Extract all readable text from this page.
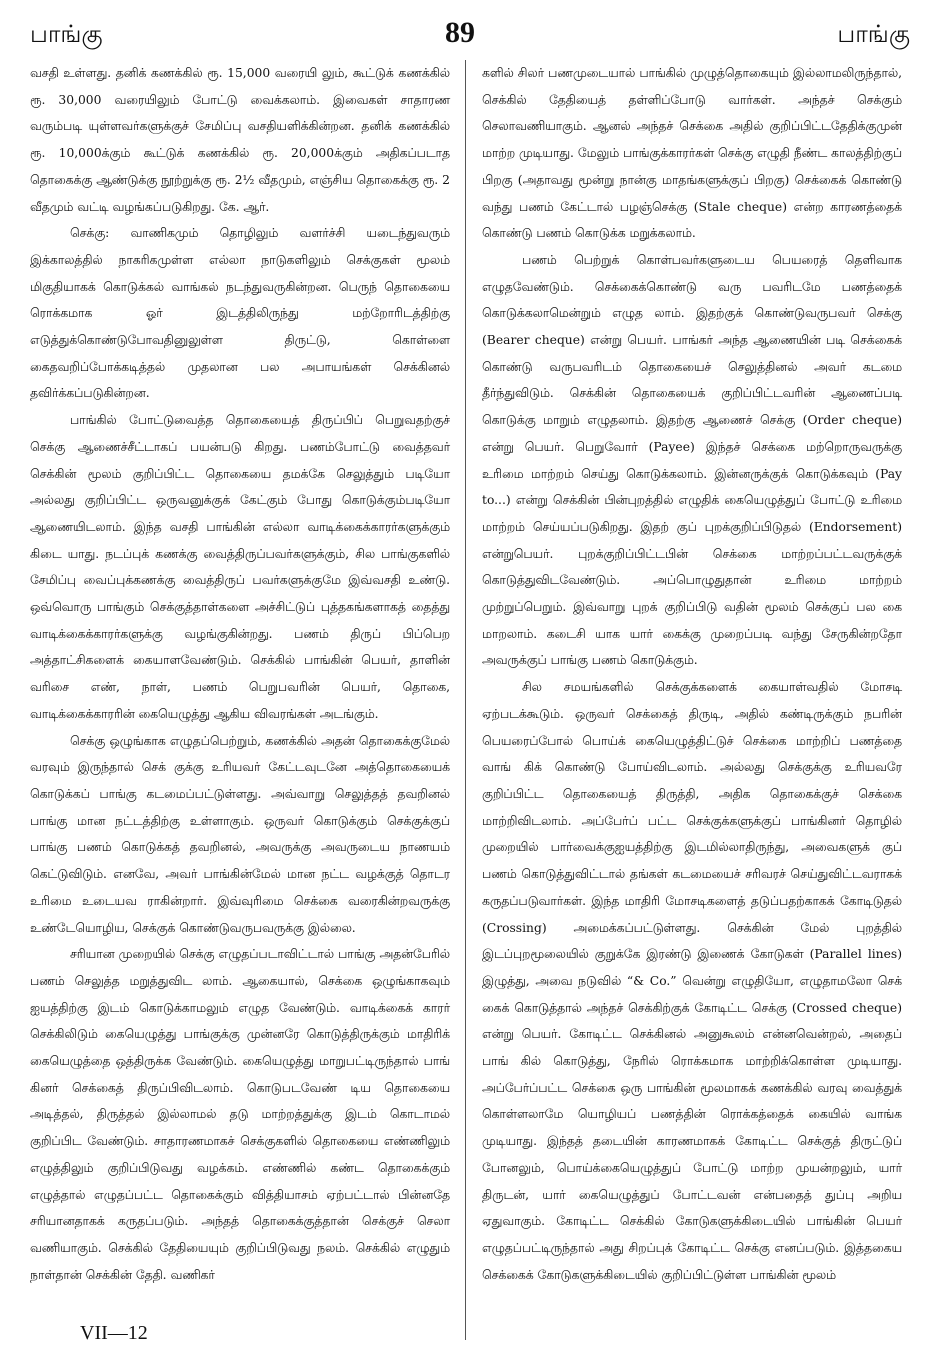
பாங்கு	89	பாங்கு

வசதி உள்ளது. தனிக் கணக்கில் ரூ. 15,000 வரையி லும், கூட்டுக் கணக்கில் ரூ. 30,000 வரையிலும் போட்டு வைக்கலாம். இவைகள் சாதாரண வரும்படி யுள்ளவர்களுக்குச் சேமிப்பு வசதியளிக்கின்றன. தனிக் கணக்கில் ரூ. 10,000க்கும் கூட்டுக் கணக்கில் ரூ. 20,000க்கும் அதிகப்படாத தொகைக்கு ஆண்டுக்கு நூற்றுக்கு ரூ. 2½ வீதமும், எஞ்சிய தொகைக்கு ரூ. 2 வீதமும் வட்டி வழங்கப்படுகிறது. கே. ஆர்.

செக்கு: வாணிகமும் தொழிலும் வளர்ச்சி யடைந்துவரும் இக்காலத்தில் நாகரிகமுள்ள எல்லா நாடுகளிலும் செக்குகள் மூலம் மிகுதியாகக் கொடுக்கல் வாங்கல் நடந்துவருகின்றன. பெருந் தொகையை ரொக்கமாக ஓர் இடத்திலிருந்து மற்றோரிடத்திற்கு எடுத்துக்கொண்டுபோவதினுலுள்ள திருட்டு, கொள்ளை கைதவறிப்போக்கடித்தல் முதலான பல அபாயங்கள் செக்கினல் தவிர்க்கப்படுகின்றன.

பாங்கில் போட்டுவைத்த தொகையைத் திருப்பிப் பெறுவதற்குச் செக்கு ஆணைச்சீட்டாகப் பயன்படு கிறது. பணம்போட்டு வைத்தவர் செக்கின் மூலம் குறிப்பிட்ட தொகையை தமக்கே செலுத்தும் படியோ அல்லது குறிப்பிட்ட ஒருவனுக்குக் கேட்கும் போது கொடுக்கும்படியோ ஆணையிடலாம். இந்த வசதி பாங்கின் எல்லா வாடிக்கைக்காரர்களுக்கும் கிடை யாது. நடப்புக் கணக்கு வைத்திருப்பவர்களுக்கும், சில பாங்குகளில் சேமிப்பு வைப்புக்கணக்கு வைத்திருப் பவர்களுக்குமே இவ்வசதி உண்டு. ஒவ்வொரு பாங்கும் செக்குத்தாள்களை அச்சிட்டுப் புத்தகங்களாகத் தைத்து வாடிக்கைக்காரர்களுக்கு வழங்குகின்றது. பணம் திருப் பிப்பெற அத்தாட்சிகளைக் கையாளவேண்டும். செக்கில் பாங்கின் பெயர், தாளின் வரிசை எண், நாள், பணம் பெறுபவரின் பெயர், தொகை, வாடிக்கைக்காரரின் கையெழுத்து ஆகிய விவரங்கள் அடங்கும்.

செக்கு ஒழுங்காக எழுதப்பெற்றும், கணக்கில் அதன் தொகைக்குமேல் வரவும் இருந்தால் செக் குக்கு உரியவர் கேட்டவுடனே அத்தொகையைக் கொடுக்கப் பாங்கு கடமைப்பட்டுள்ளது. அவ்வாறு செலுத்தத் தவறினல் பாங்கு மான நட்டத்திற்கு உள்ளாகும். ஒருவர் கொடுக்கும் செக்குக்குப் பாங்கு பணம் கொடுக்கத் தவறினல், அவருக்கு அவருடைய நாணயம் கெட்டுவிடும். எனவே, அவர் பாங்கின்மேல் மான நட்ட வழக்குத் தொடர உரிமை உடையவ ராகின்றார். இவ்வுரிமை செக்கை வரைகின்றவருக்கு உண்டேயொழிய, செக்குக் கொண்டுவருபவருக்கு இல்லை.

சரியான முறையில் செக்கு எழுதப்படாவிட்டால் பாங்கு அதன்பேரில் பணம் செலுத்த மறுத்துவிட லாம். ஆகையால், செக்கை ஒழுங்காகவும் ஐயத்திற்கு இடம் கொடுக்காமலும் எழுத வேண்டும். வாடிக்கைக் காரர் செக்கிலிடும் கையெழுத்து பாங்குக்கு முன்னரே கொடுத்திருக்கும் மாதிரிக் கையெழுத்தை ஒத்திருக்க வேண்டும். கையெழுத்து மாறுபட்டிருந்தால் பாங் கினர் செக்கைத் திருப்பிவிடலாம். கொடுபடவேண் டிய தொகையை அடித்தல், திருத்தல் இல்லாமல் தடு மாற்றத்துக்கு இடம் கொடாமல் குறிப்பிட வேண்டும். சாதாரணமாகச் செக்குகளில் தொகையை எண்ணிலும் எழுத்திலும் குறிப்பிடுவது வழக்கம். எண்ணில் கண்ட தொகைக்கும் எழுத்தால் எழுதப்பட்ட தொகைக்கும் வித்தியாசம் ஏற்பட்டால் பின்னதே சரியானதாகக் கருதப்படும். அந்தத் தொகைக்குத்தான் செக்குச் செலா வணியாகும். செக்கில் தேதியையும் குறிப்பிடுவது நலம். செக்கில் எழுதும் நாள்தான் செக்கின் தேதி. வணிகர்

களில் சிலர் பணமுடையால் பாங்கில் முழுத்தொகையும் இல்லாமலிருந்தால், செக்கில் தேதியைத் தள்ளிப்போடு வார்கள். அந்தச் செக்கும் செலாவணியாகும். ஆனல் அந்தச் செக்கை அதில் குறிப்பிட்டதேதிக்குமுன் மாற்ற முடியாது. மேலும் பாங்குக்காரர்கள் செக்கு எழுதி நீண்ட காலத்திற்குப் பிறகு (அதாவது மூன்று நான்கு மாதங்களுக்குப் பிறகு) செக்கைக் கொண்டு வந்து பணம் கேட்டால் பழஞ்செக்கு (Stale cheque) என்ற காரணத்தைக் கொண்டு பணம் கொடுக்க மறுக்கலாம்.

பணம் பெற்றுக் கொள்பவர்களுடைய பெயரைத் தெளிவாக எழுதவேண்டும். செக்கைக்கொண்டு வரு பவரிடமே பணத்தைக் கொடுக்கலாமென்றும் எழுத லாம். இதற்குக் கொண்டுவருபவர் செக்கு (Bearer cheque) என்று பெயர். பாங்கர் அந்த ஆணையின் படி செக்கைக் கொண்டு வருபவரிடம் தொகையைச் செலுத்தினல் அவர் கடமை தீர்ந்துவிடும். செக்கின் தொகையைக் குறிப்பிட்டவரின் ஆணைப்படி கொடுக்கு மாறும் எழுதலாம். இதற்கு ஆணைச் செக்கு (Order cheque) என்று பெயர். பெறுவோர் (Payee) இந்தச் செக்கை மற்றொருவருக்கு உரிமை மாற்றம் செய்து கொடுக்கலாம். இன்னருக்குக் கொடுக்கவும் (Pay to...) என்று செக்கின் பின்புறத்தில் எழுதிக் கையெழுத்துப் போட்டு உரிமை மாற்றம் செய்யப்படுகிறது. இதற் குப் புறக்குறிப்பிடுதல் (Endorsement) என்றுபெயர். புறக்குறிப்பிட்டபின் செக்கை மாற்றப்பட்டவருக்குக் கொடுத்துவிடவேண்டும். அப்பொழுதுதான் உரிமை மாற்றம் முற்றுப்பெறும். இவ்வாறு புறக் குறிப்பிடு வதின் மூலம் செக்குப் பல கை மாறலாம். கடைசி யாக யார் கைக்கு முறைப்படி வந்து சேருகின்றதோ அவருக்குப் பாங்கு பணம் கொடுக்கும்.

சில சமயங்களில் செக்குக்களைக் கையாள்வதில் மோசடி ஏற்படக்கூடும். ஒருவர் செக்கைத் திருடி, அதில் கண்டிருக்கும் நபரின் பெயரைப்போல் பொய்க் கையெழுத்திட்டுச் செக்கை மாற்றிப் பணத்தை வாங் கிக் கொண்டு போய்விடலாம். அல்லது செக்குக்கு உரியவரே குறிப்பிட்ட தொகையைத் திருத்தி, அதிக தொகைக்குச் செக்கை மாற்றிவிடலாம். அப்பேர்ப் பட்ட செக்குக்களுக்குப் பாங்கினர் தொழில் முறையில் பார்வைக்குஐயத்திற்கு இடமில்லாதிருந்து, அவைகளுக் குப் பணம் கொடுத்துவிட்டால் தங்கள் கடமையைச் சரிவரச் செய்துவிட்டவராகக் கருதப்படுவார்கள். இந்த மாதிரி மோசடிகளைத் தடுப்பதற்காகக் கோடிடுதல் (Crossing) அமைக்கப்பட்டுள்ளது. செக்கின் மேல் புறத்தில் இடப்புறமூலையில் குறுக்கே இரண்டு இணைக் கோடுகள் (Parallel lines) இழுத்து, அவை நடுவில் “& Co.” வென்று எழுதியோ, எழுதாமலோ செக் கைக் கொடுத்தால் அந்தச் செக்கிற்குக் கோடிட்ட செக்கு (Crossed cheque) என்று பெயர். கோடிட்ட செக்கினல் அனுகூலம் என்னவென்றல், அதைப் பாங் கில் கொடுத்து, நேரில் ரொக்கமாக மாற்றிக்கொள்ள முடியாது. அப்பேர்ப்பட்ட செக்கை ஒரு பாங்கின் மூலமாகக் கணக்கில் வரவு வைத்துக் கொள்ளலாமே யொழியப் பணத்தின் ரொக்கத்தைக் கையில் வாங்க முடியாது. இந்தத் தடையின் காரணமாகக் கோடிட்ட செக்குத் திருட்டுப் போனலும், பொய்க்கையெழுத்துப் போட்டு மாற்ற முயன்றலும், யார் திருடன், யார் கையெழுத்துப் போட்டவன் என்பதைத் துப்பு அறிய ஏதுவாகும். கோடிட்ட செக்கில் கோடுகளுக்கிடையில் பாங்கின் பெயர் எழுதப்பட்டிருந்தால் அது சிறப்புக் கோடிட்ட செக்கு எனப்படும். இத்தகைய செக்கைக் கோடுகளுக்கிடையில் குறிப்பிட்டுள்ள பாங்கின் மூலம்

VII—12
